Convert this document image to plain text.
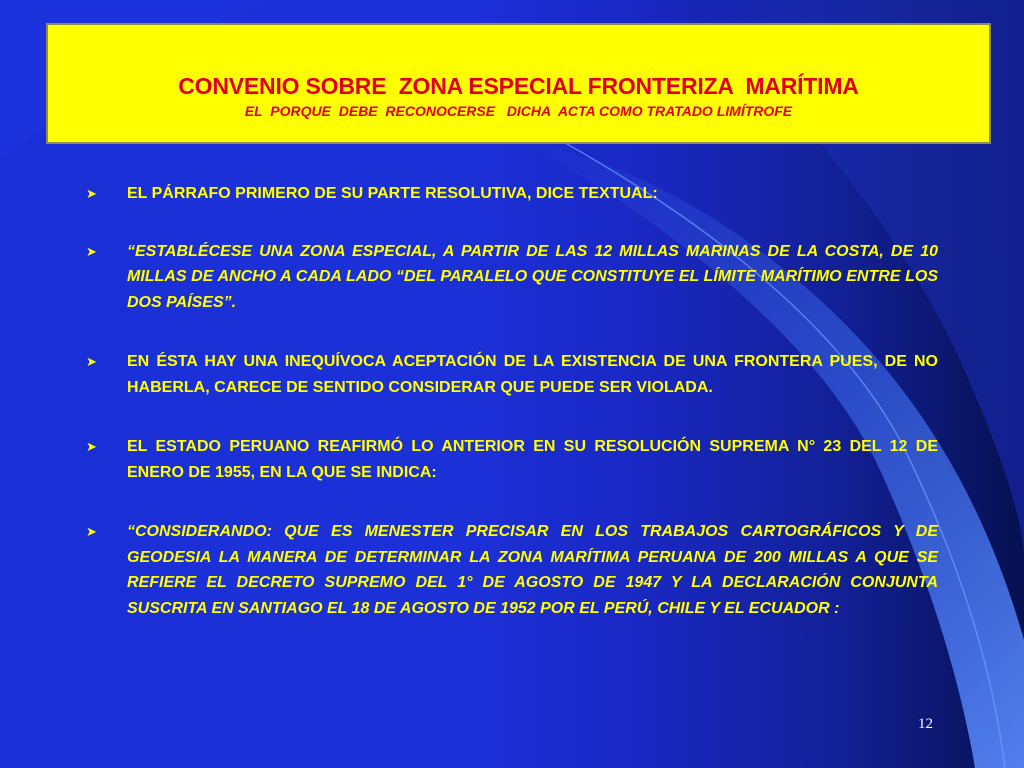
CONVENIO SOBRE  ZONA ESPECIAL FRONTERIZA  MARÍTIMA
EL  PORQUE  DEBE  RECONOCERSE   DICHA  ACTA COMO TRATADO LIMÍTROFE
➤ EL PÁRRAFO PRIMERO DE SU PARTE RESOLUTIVA, DICE TEXTUAL:
➤ “ESTABLÉCESE UNA ZONA ESPECIAL, A PARTIR DE LAS 12 MILLAS MARINAS DE LA COSTA, DE 10 MILLAS DE ANCHO A CADA LADO “DEL PARALELO QUE CONSTITUYE EL LÍMITE MARÍTIMO ENTRE LOS DOS PAÍSES”.
➤ EN ÉSTA HAY UNA INEQUÍVOCA ACEPTACIÓN DE LA EXISTENCIA DE UNA FRONTERA PUES, DE NO HABERLA, CARECE DE SENTIDO CONSIDERAR QUE PUEDE SER VIOLADA.
➤ EL ESTADO PERUANO REAFIRMÓ LO ANTERIOR EN SU RESOLUCIÓN SUPREMA N° 23 DEL 12 DE ENERO DE 1955, EN LA QUE SE INDICA:
➤ “CONSIDERANDO: QUE ES MENESTER PRECISAR EN LOS TRABAJOS CARTOGRÁFICOS Y DE GEODESIA LA MANERA DE DETERMINAR LA ZONA MARÍTIMA PERUANA DE 200 MILLAS A QUE SE REFIERE EL DECRETO SUPREMO DEL 1° DE AGOSTO DE 1947 Y LA DECLARACIÓN CONJUNTA SUSCRITA EN SANTIAGO EL 18 DE AGOSTO DE 1952 POR EL PERÚ, CHILE Y EL ECUADOR :
12
